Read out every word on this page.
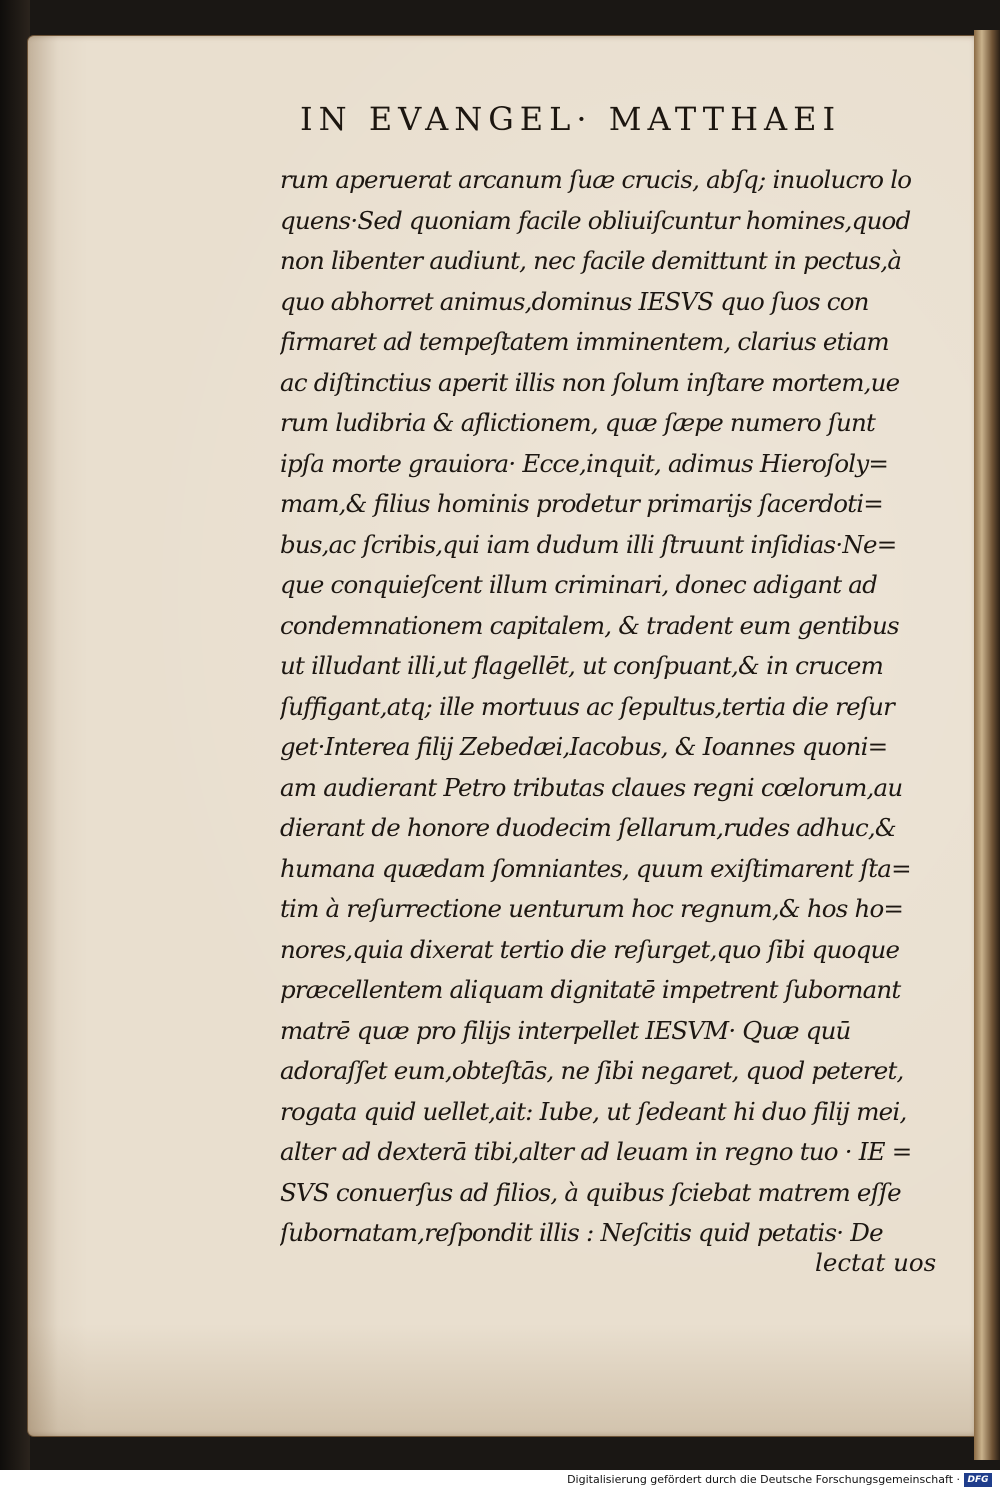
IN EVANGEL· MATTHAEI
rum aperuerat arcanum ſuæ crucis, abſq; inuolucro lo
quens·Sed quoniam facile obliuiſcuntur homines,quod
non libenter audiunt, nec facile demittunt in pectus,à
quo abhorret animus,dominus IESVS quo ſuos con
firmaret ad tempeſtatem imminentem, clarius etiam
ac diſtinctius aperit illis non ſolum inſtare mortem,ue
rum ludibria & aflictionem, quæ ſæpe numero ſunt
ipſa morte grauiora· Ecce,inquit, adimus Hieroſoly=
mam,& filius hominis prodetur primarijs ſacerdoti=
bus,ac ſcribis,qui iam dudum illi ſtruunt inſidias·Ne=
que conquieſcent illum criminari, donec adigant ad
condemnationem capitalem, & tradent eum gentibus
ut illudant illi,ut flagellēt, ut conſpuant,& in crucem
ſuffigant,atq; ille mortuus ac ſepultus,tertia die reſur
get·Interea filij Zebedæi,Iacobus, & Ioannes quoni=
am audierant Petro tributas claues regni cœlorum,au
dierant de honore duodecim ſellarum,rudes adhuc,&
humana quædam ſomniantes, quum exiſtimarent ſta=
tim à reſurrectione uenturum hoc regnum,& hos ho=
nores,quia dixerat tertio die reſurget,quo ſibi quoque
præcellentem aliquam dignitatē impetrent ſubornant
matrē quæ pro filijs interpellet IESVM· Quæ quū
adoraſſet eum,obteſtās, ne ſibi negaret, quod peteret,
rogata quid uellet,ait: Iube, ut ſedeant hi duo filij mei,
alter ad dexterā tibi,alter ad leuam in regno tuo · IE =
SVS conuerſus ad filios, à quibus ſciebat matrem eſſe
ſubornatam,reſpondit illis : Neſcitis quid petatis· De
lectat uos
Digitalisierung gefördert durch die Deutsche Forschungsgemeinschaft · DFG
